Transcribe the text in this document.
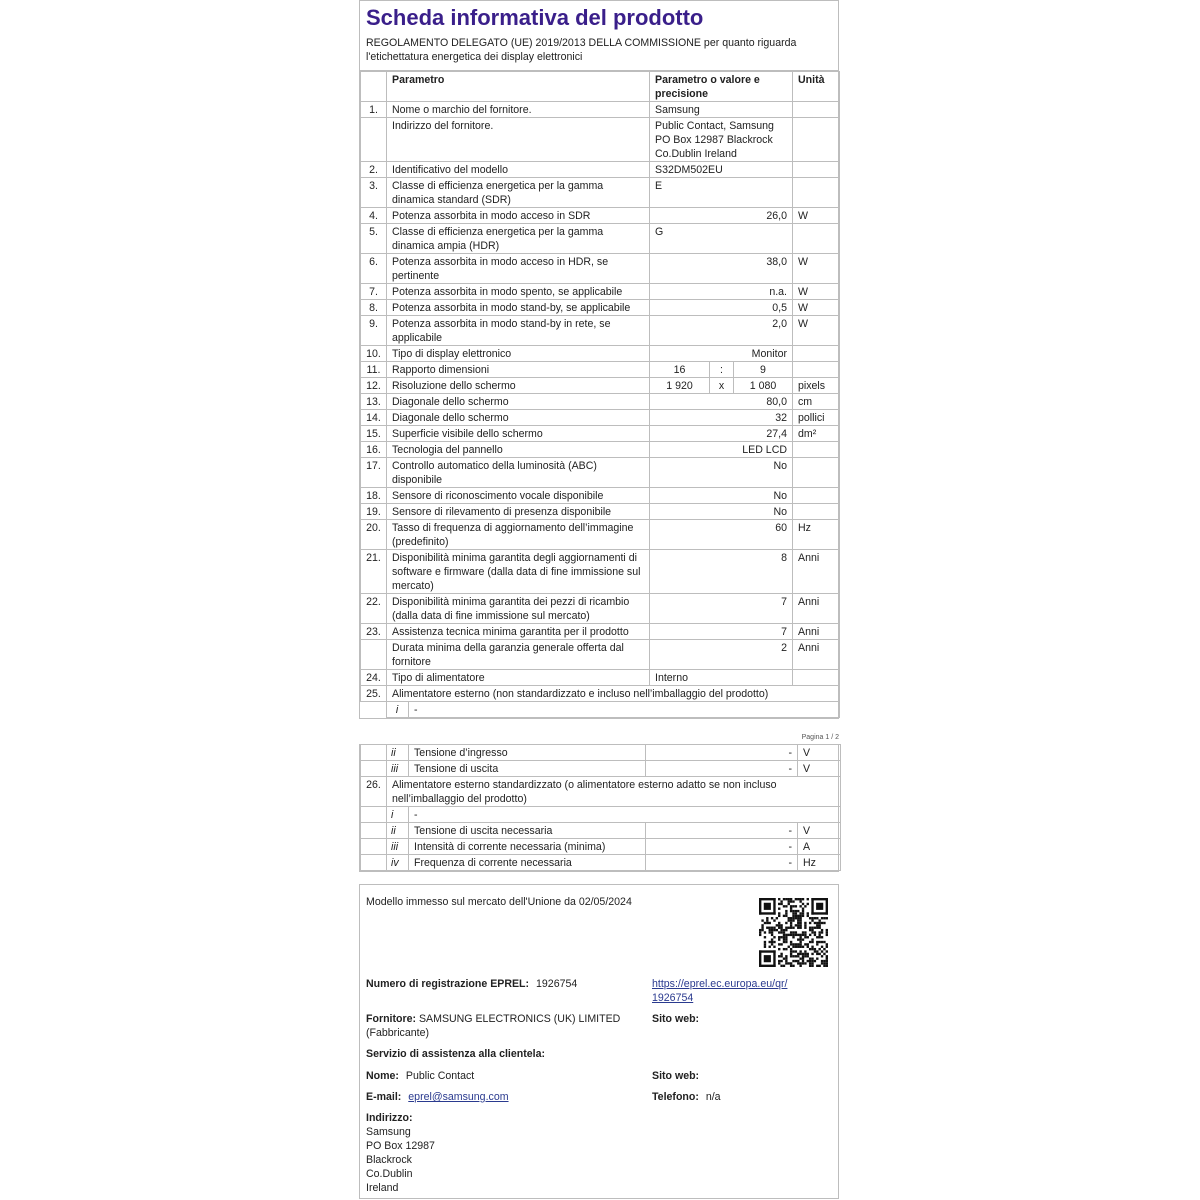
Scheda informativa del prodotto
REGOLAMENTO DELEGATO (UE) 2019/2013 DELLA COMMISSIONE per quanto riguarda l'etichettatura energetica dei display elettronici
	Parametro	Parametro o valore e precisione	Unità
1.	Nome o marchio del fornitore.	Samsung	
	Indirizzo del fornitore.	Public Contact, Samsung PO Box 12987 Blackrock Co.Dublin Ireland	
2.	Identificativo del modello	S32DM502EU	
3.	Classe di efficienza energetica per la gamma dinamica standard (SDR)	E	
4.	Potenza assorbita in modo acceso in SDR	26,0	W
5.	Classe di efficienza energetica per la gamma dinamica ampia (HDR)	G	
6.	Potenza assorbita in modo acceso in HDR, se pertinente	38,0	W
7.	Potenza assorbita in modo spento, se applicabile	n.a.	W
8.	Potenza assorbita in modo stand-by, se applicabile	0,5	W
9.	Potenza assorbita in modo stand-by in rete, se applicabile	2,0	W
10.	Tipo di display elettronico	Monitor	
11.	Rapporto dimensioni	16	:	9	
12.	Risoluzione dello schermo	1 920	x	1 080	pixels
13.	Diagonale dello schermo	80,0	cm
14.	Diagonale dello schermo	32	pollici
15.	Superficie visibile dello schermo	27,4	dm²
16.	Tecnologia del pannello	LED LCD	
17.	Controllo automatico della luminosità (ABC) disponibile	No	
18.	Sensore di riconoscimento vocale disponibile	No	
19.	Sensore di rilevamento di presenza disponibile	No	
20.	Tasso di frequenza di aggiornamento dell’immagine (predefinito)	60	Hz
21.	Disponibilità minima garantita degli aggiornamenti di software e firmware (dalla data di fine immissione sul mercato)	8	Anni
22.	Disponibilità minima garantita dei pezzi di ricambio (dalla data di fine immissione sul mercato)	7	Anni
23.	Assistenza tecnica minima garantita per il prodotto	7	Anni
	Durata minima della garanzia generale offerta dal fornitore	2	Anni
24.	Tipo di alimentatore	Interno	
25.	Alimentatore esterno (non standardizzato e incluso nell’imballaggio del prodotto)

i	-
Pagina 1 / 2
	ii	Tensione d’ingresso	-	V
	iii	Tensione di uscita	-	V
26.	Alimentatore esterno standardizzato (o alimentatore esterno adatto se non incluso nell’imballaggio del prodotto)			
	i	-		
	ii	Tensione di uscita necessaria	-	V
	iii	Intensità di corrente necessaria (minima)	-	A
	iv	Frequenza di corrente necessaria	-	Hz
Modello immesso sul mercato dell'Unione da 02/05/2024
Numero di registrazione EPREL: 1926754	https://eprel.ec.europa.eu/qr/1926754
Fornitore: SAMSUNG ELECTRONICS (UK) LIMITED (Fabbricante)
Sito web:
Servizio di assistenza alla clientela:
Nome: Public Contact	Sito web:
E-mail: eprel@samsung.com	Telefono: n/a
Indirizzo:
Samsung
PO Box 12987
Blackrock
Co.Dublin
Ireland
